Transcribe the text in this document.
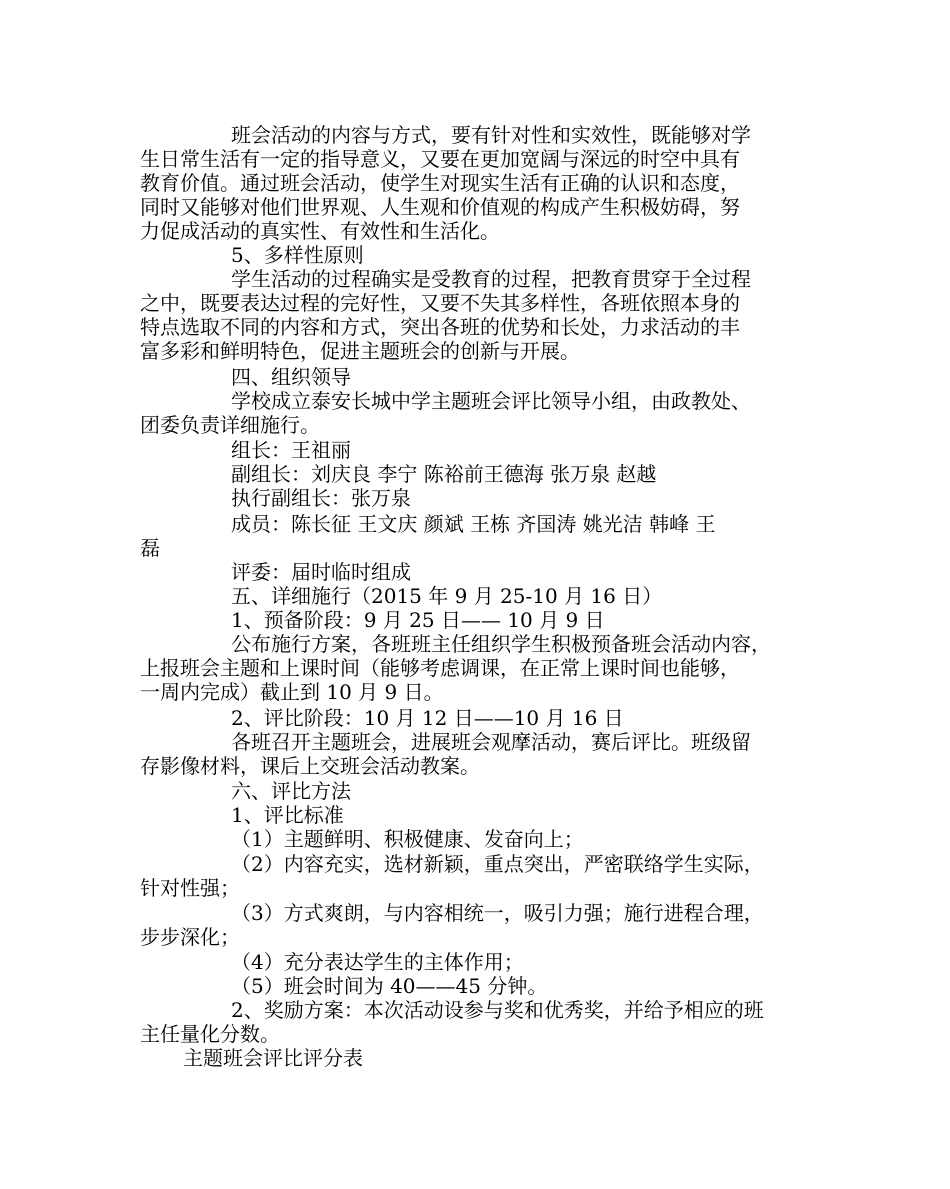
班会活动的内容与方式，要有针对性和实效性，既能够对学
生日常生活有一定的指导意义，又要在更加宽阔与深远的时空中具有
教育价值。通过班会活动，使学生对现实生活有正确的认识和态度，
同时又能够对他们世界观、人生观和价值观的构成产生积极妨碍，努
力促成活动的真实性、有效性和生活化。
5、多样性原则
学生活动的过程确实是受教育的过程，把教育贯穿于全过程
之中，既要表达过程的完好性，又要不失其多样性，各班依照本身的
特点选取不同的内容和方式，突出各班的优势和长处，力求活动的丰
富多彩和鲜明特色，促进主题班会的创新与开展。
四、组织领导
学校成立泰安长城中学主题班会评比领导小组，由政教处、
团委负责详细施行。
组长：王祖丽
副组长：刘庆良 李宁 陈裕前王德海 张万泉 赵越
执行副组长：张万泉
成员：陈长征 王文庆 颜斌 王栋 齐国涛 姚光洁 韩峰 王
磊
评委：届时临时组成
五、详细施行（2015 年 9 月 25-10 月 16 日）
1、预备阶段：9 月 25 日—— 10 月 9 日
公布施行方案，各班班主任组织学生积极预备班会活动内容，
上报班会主题和上课时间（能够考虑调课，在正常上课时间也能够，
一周内完成）截止到 10 月 9 日。
2、评比阶段：10 月 12 日——10 月 16 日
各班召开主题班会，进展班会观摩活动，赛后评比。班级留
存影像材料，课后上交班会活动教案。
六、评比方法
1、评比标准
（1）主题鲜明、积极健康、发奋向上；
（2）内容充实，选材新颖，重点突出，严密联络学生实际，
针对性强；
（3）方式爽朗，与内容相统一，吸引力强；施行进程合理，
步步深化；
（4）充分表达学生的主体作用；
（5）班会时间为 40——45 分钟。
2、奖励方案：本次活动设参与奖和优秀奖，并给予相应的班
主任量化分数。
主题班会评比评分表
